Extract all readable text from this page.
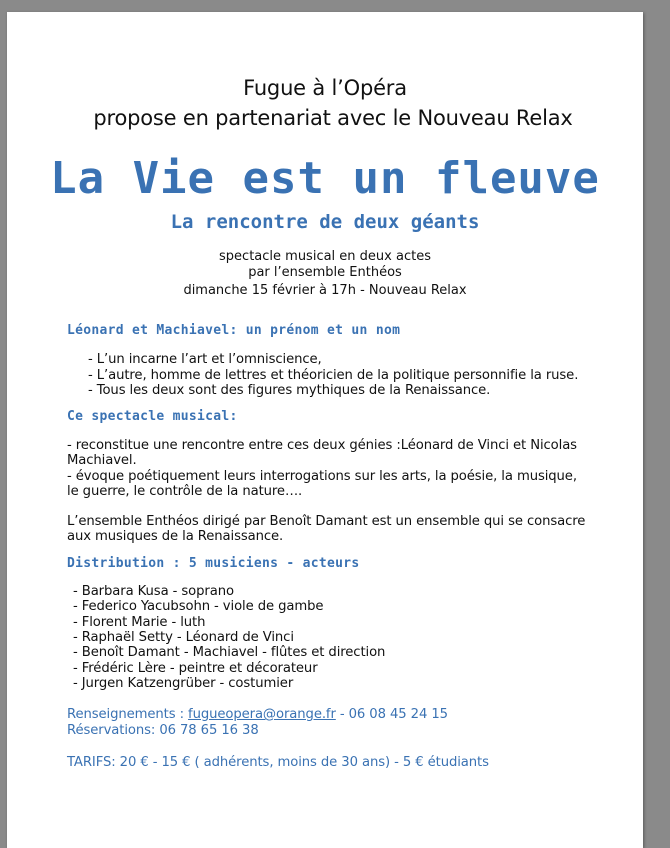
Fugue à l’Opéra
propose en partenariat avec le Nouveau Relax
La Vie est un fleuve
La rencontre de deux géants
spectacle musical en deux actes
par l’ensemble Enthéos
dimanche 15 février à 17h - Nouveau Relax
Léonard et Machiavel: un prénom et un nom
- L’un incarne l’art et l’omniscience,
- L’autre, homme de lettres et théoricien de la politique personnifie la ruse.
- Tous les deux sont des figures mythiques de la Renaissance.
Ce spectacle musical:
- reconstitue une rencontre entre ces deux génies :Léonard de Vinci et Nicolas
Machiavel.
- évoque poétiquement leurs interrogations sur les arts, la poésie, la musique,
le guerre, le contrôle de la nature….
L’ensemble Enthéos dirigé par Benoît Damant est un ensemble qui se consacre
aux musiques de la Renaissance.
Distribution : 5 musiciens - acteurs
- Barbara Kusa - soprano
- Federico Yacubsohn - viole de gambe
- Florent Marie - luth
- Raphaël Setty - Léonard de Vinci
- Benoît Damant - Machiavel - flûtes et direction
- Frédéric Lère - peintre et décorateur
- Jurgen Katzengrüber - costumier
Renseignements : fugueopera@orange.fr - 06 08 45 24 15
Réservations: 06 78 65 16 38
TARIFS: 20 € - 15 € ( adhérents, moins de 30 ans) - 5 € étudiants
